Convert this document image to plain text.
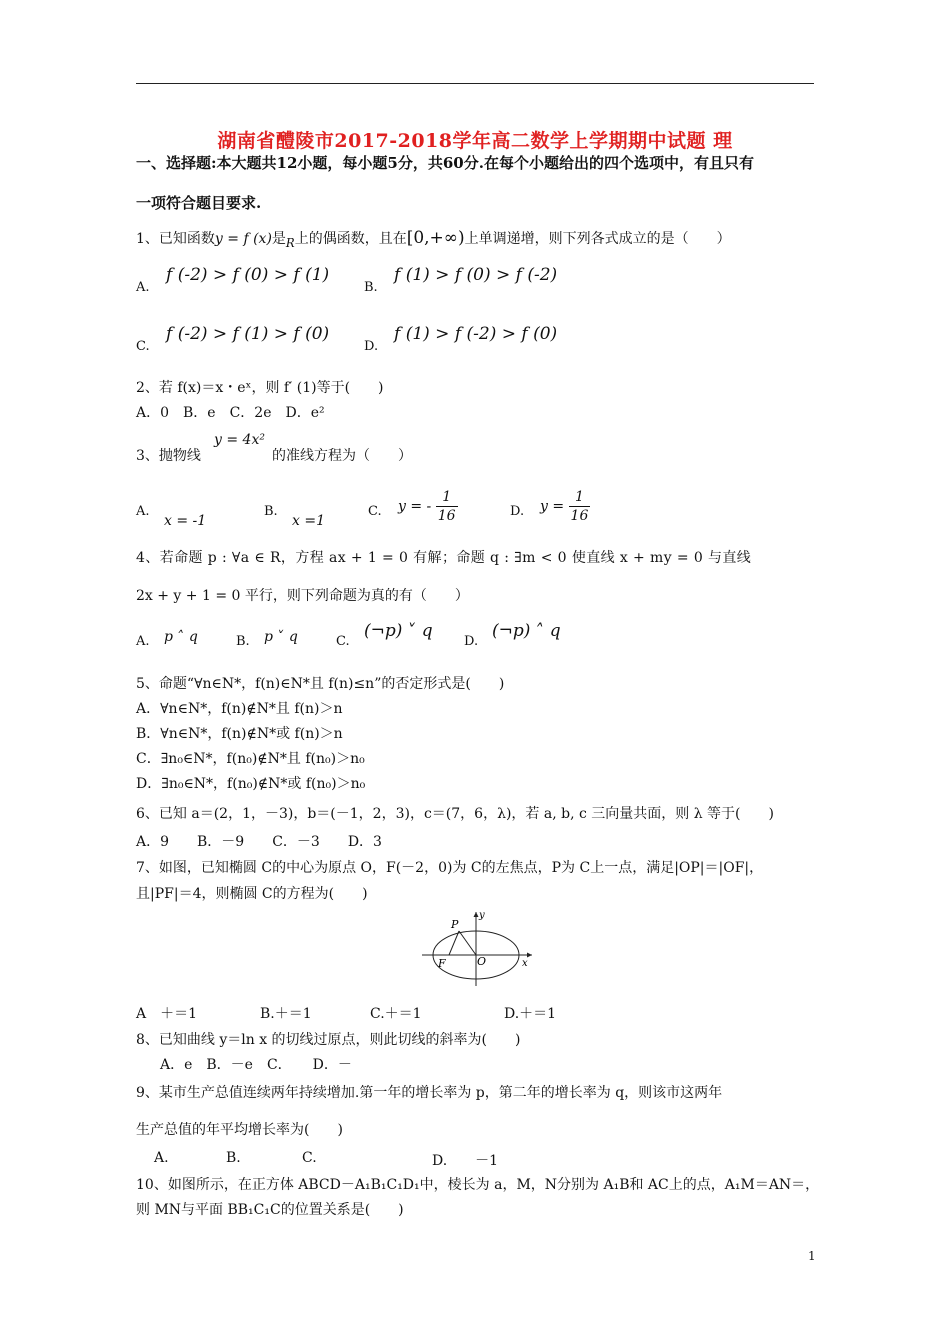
湖南省醴陵市2017-2018学年高二数学上学期期中试题 理
一、选择题:本大题共12小题，每小题5分，共60分.在每个小题给出的四个选项中，有且只有
一项符合题目要求.
1、已知函数y = f (x)是$_R$上的偶函数，且在[0,+∞)上单调递增，则下列各式成立的是（　　）
A.
f (-2) > f (0) > f (1)
B.
f (1) > f (0) > f (-2)
C.
f (-2) > f (1) > f (0)
D.
f (1) > f (-2) > f (0)
2、若 f(x)＝x・eˣ，则 f′ (1)等于(　　)
A．0　B．e　C．2e　D．e²
3、抛物线
y = 4x²
的准线方程为（　　）
A.
x = -1
B.
x =1
C. y = - $\frac{1}{16}$	D. $y = \frac{1}{16}$
4、若命题 p : ∀a ∈ R，方程 ax + 1 = 0 有解；命题 q : ∃m < 0 使直线 x + my = 0 与直线
2x + y + 1 = 0 平行，则下列命题为真的有（　　）
A. p ˄ q	B. p ˅ q	C.
(¬p) ˅ q
D.
(¬p) ˄ q
5、命题“∀n∈N*，f(n)∈N*且 f(n)≤n”的否定形式是(　　)
A．∀n∈N*，f(n)∉N*且 f(n)＞n
B．∀n∈N*，f(n)∉N*或 f(n)＞n
C．∃n₀∈N*，f(n₀)∉N*且 f(n₀)＞n₀
D．∃n₀∈N*，f(n₀)∉N*或 f(n₀)＞n₀
6、已知 a＝(2，1，－3)，b＝(－1，2，3)，c＝(7，6，λ)，若 a, b, c 三向量共面，则 λ 等于(　　)
A．9　　B．－9　　C．－3　　D．3
7、如图，已知椭圆 C的中心为原点 O，F(－2，0)为 C的左焦点，P为 C上一点，满足|OP|＝|OF|，
且|PF|＝4，则椭圆 C的方程为(　　)
P
y
F	O	x
A　＋＝1	B.＋＝1	C.＋＝1	D.＋＝1
8、已知曲线 y＝ln x 的切线过原点，则此切线的斜率为(　　)
A．e　B．－e　C．　　D．－
9、某市生产总值连续两年持续增加.第一年的增长率为 p，第二年的增长率为 q，则该市这两年
生产总值的年平均增长率为(　　)
A.	B.	C.	D.　　－1
10、如图所示，在正方体 ABCD－A₁B₁C₁D₁中，棱长为 a，M，N分别为 A₁B和 AC上的点，A₁M＝AN＝，
则 MN与平面 BB₁C₁C的位置关系是(　　)
1
